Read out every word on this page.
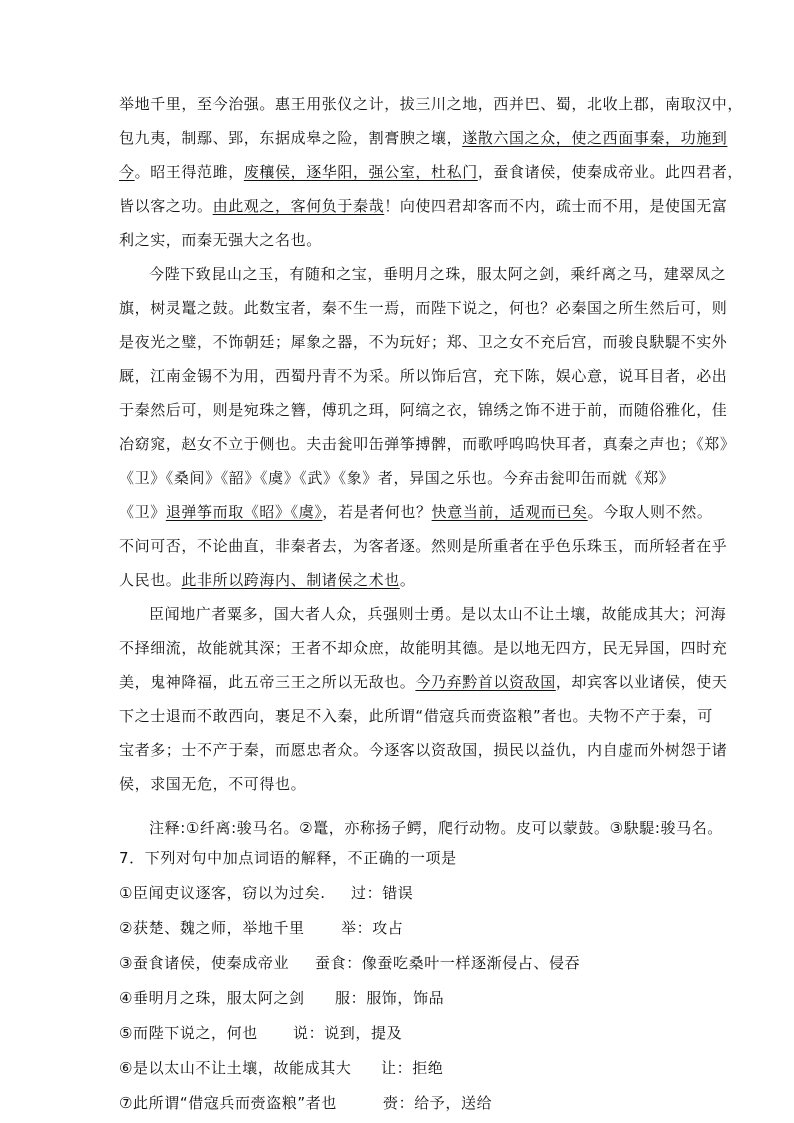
举地千里，至今治强。惠王用张仪之计，拔三川之地，西并巴、蜀，北收上郡，南取汉中，
包九夷，制鄢、郢，东据成皋之险，割膏腴之壤，遂散六国之众，使之西面事秦，功施到
今。昭王得范雎，废穰侯，逐华阳，强公室，杜私门，蚕食诸侯，使秦成帝业。此四君者，
皆以客之功。由此观之，客何负于秦哉！向使四君却客而不内，疏士而不用，是使国无富
利之实，而秦无强大之名也。
今陛下致昆山之玉，有随和之宝，垂明月之珠，服太阿之剑，乘纤离之马，建翠凤之
旗，树灵鼍之鼓。此数宝者，秦不生一焉，而陛下说之，何也？必秦国之所生然后可，则
是夜光之璧，不饰朝廷；犀象之器，不为玩好；郑、卫之女不充后宫，而骏良駃騠不实外
厩，江南金锡不为用，西蜀丹青不为采。所以饰后宫，充下陈，娱心意，说耳目者，必出
于秦然后可，则是宛珠之簪，傅玑之珥，阿缟之衣，锦绣之饰不进于前，而随俗雅化，佳
冶窈窕，赵女不立于侧也。夫击瓮叩缶弹筝搏髀，而歌呼呜呜快耳者，真秦之声也；《郑》
《卫》《桑间》《韶》《虞》《武》《象》者，异国之乐也。今弃击瓮叩缶而就《郑》
《卫》退弹筝而取《昭》《虞》，若是者何也？快意当前，适观而已矣。今取人则不然。
不问可否，不论曲直，非秦者去，为客者逐。然则是所重者在乎色乐珠玉，而所轻者在乎
人民也。此非所以跨海内、制诸侯之术也。
臣闻地广者粟多，国大者人众，兵强则士勇。是以太山不让土壤，故能成其大；河海
不择细流，故能就其深；王者不却众庶，故能明其德。是以地无四方，民无异国，四时充
美，鬼神降福，此五帝三王之所以无敌也。今乃弃黔首以资敌国，却宾客以业诸侯，使天
下之士退而不敢西向，裹足不入秦，此所谓“借寇兵而赍盗粮”者也。夫物不产于秦，可
宝者多；士不产于秦，而愿忠者众。今逐客以资敌国，损民以益仇，内自虚而外树怨于诸
侯，求国无危，不可得也。
注释:①纤离:骏马名。②鼍，亦称扬子鳄，爬行动物。皮可以蒙鼓。③駃騠:骏马名。
7．下列对句中加点词语的解释，不正确的一项是
①臣闻吏议逐客，窃以为过矣. 过：错误
②获楚、魏之师，举地千里 举：攻占
③蚕食诸侯，使秦成帝业 蚕食：像蚕吃桑叶一样逐渐侵占、侵吞
④垂明月之珠，服太阿之剑 服：服饰，饰品
⑤而陛下说之，何也 说：说到，提及
⑥是以太山不让土壤，故能成其大 让：拒绝
⑦此所谓“借寇兵而赍盗粮”者也	赍：给予，送给
